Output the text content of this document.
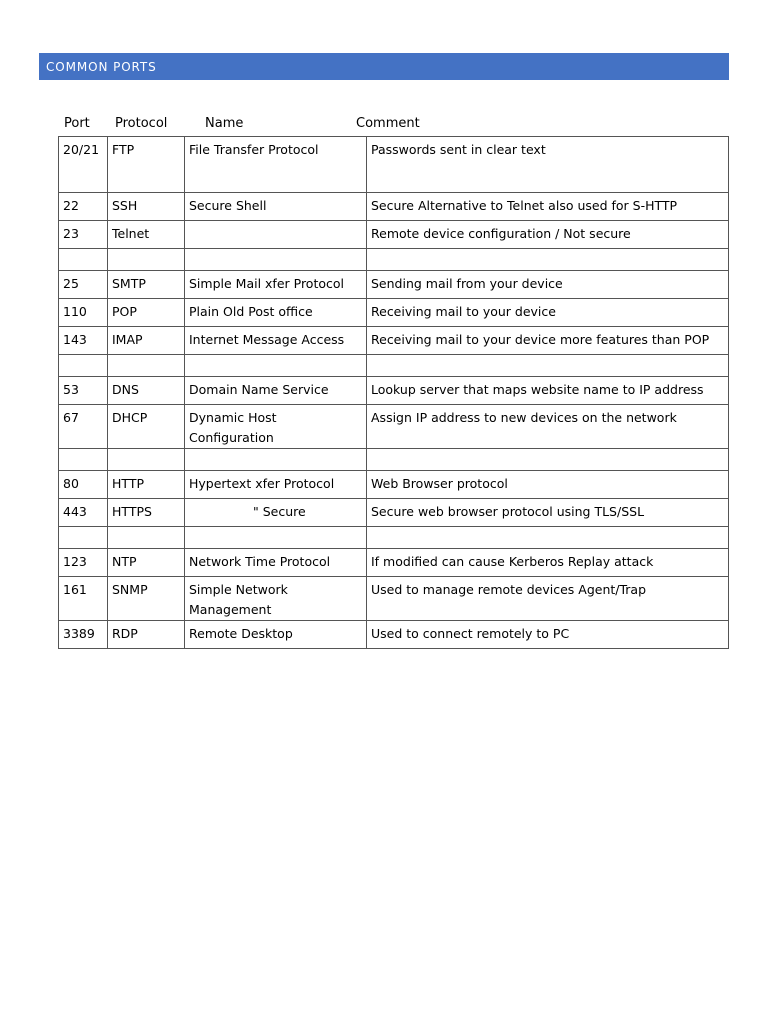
COMMON PORTS
Port Protocol	Name	Comment
20/21	FTP	File Transfer Protocol	Passwords sent in clear text
22	SSH	Secure Shell	Secure Alternative to Telnet also used for S-HTTP
23	Telnet		Remote device configuration / Not secure

25	SMTP	Simple Mail xfer Protocol	Sending mail from your device
110	POP	Plain Old Post office	Receiving mail to your device
143	IMAP	Internet Message Access	Receiving mail to your device more features than POP

53	DNS	Domain Name Service	Lookup server that maps website name to IP address
67	DHCP	Dynamic Host Configuration	Assign IP address to new devices on the network

80	HTTP	Hypertext xfer Protocol	Web Browser protocol
443	HTTPS	" Secure	Secure web browser protocol using TLS/SSL

123	NTP	Network Time Protocol	If modified can cause Kerberos Replay attack
161	SNMP	Simple Network Management	Used to manage remote devices Agent/Trap
3389	RDP	Remote Desktop	Used to connect remotely to PC
